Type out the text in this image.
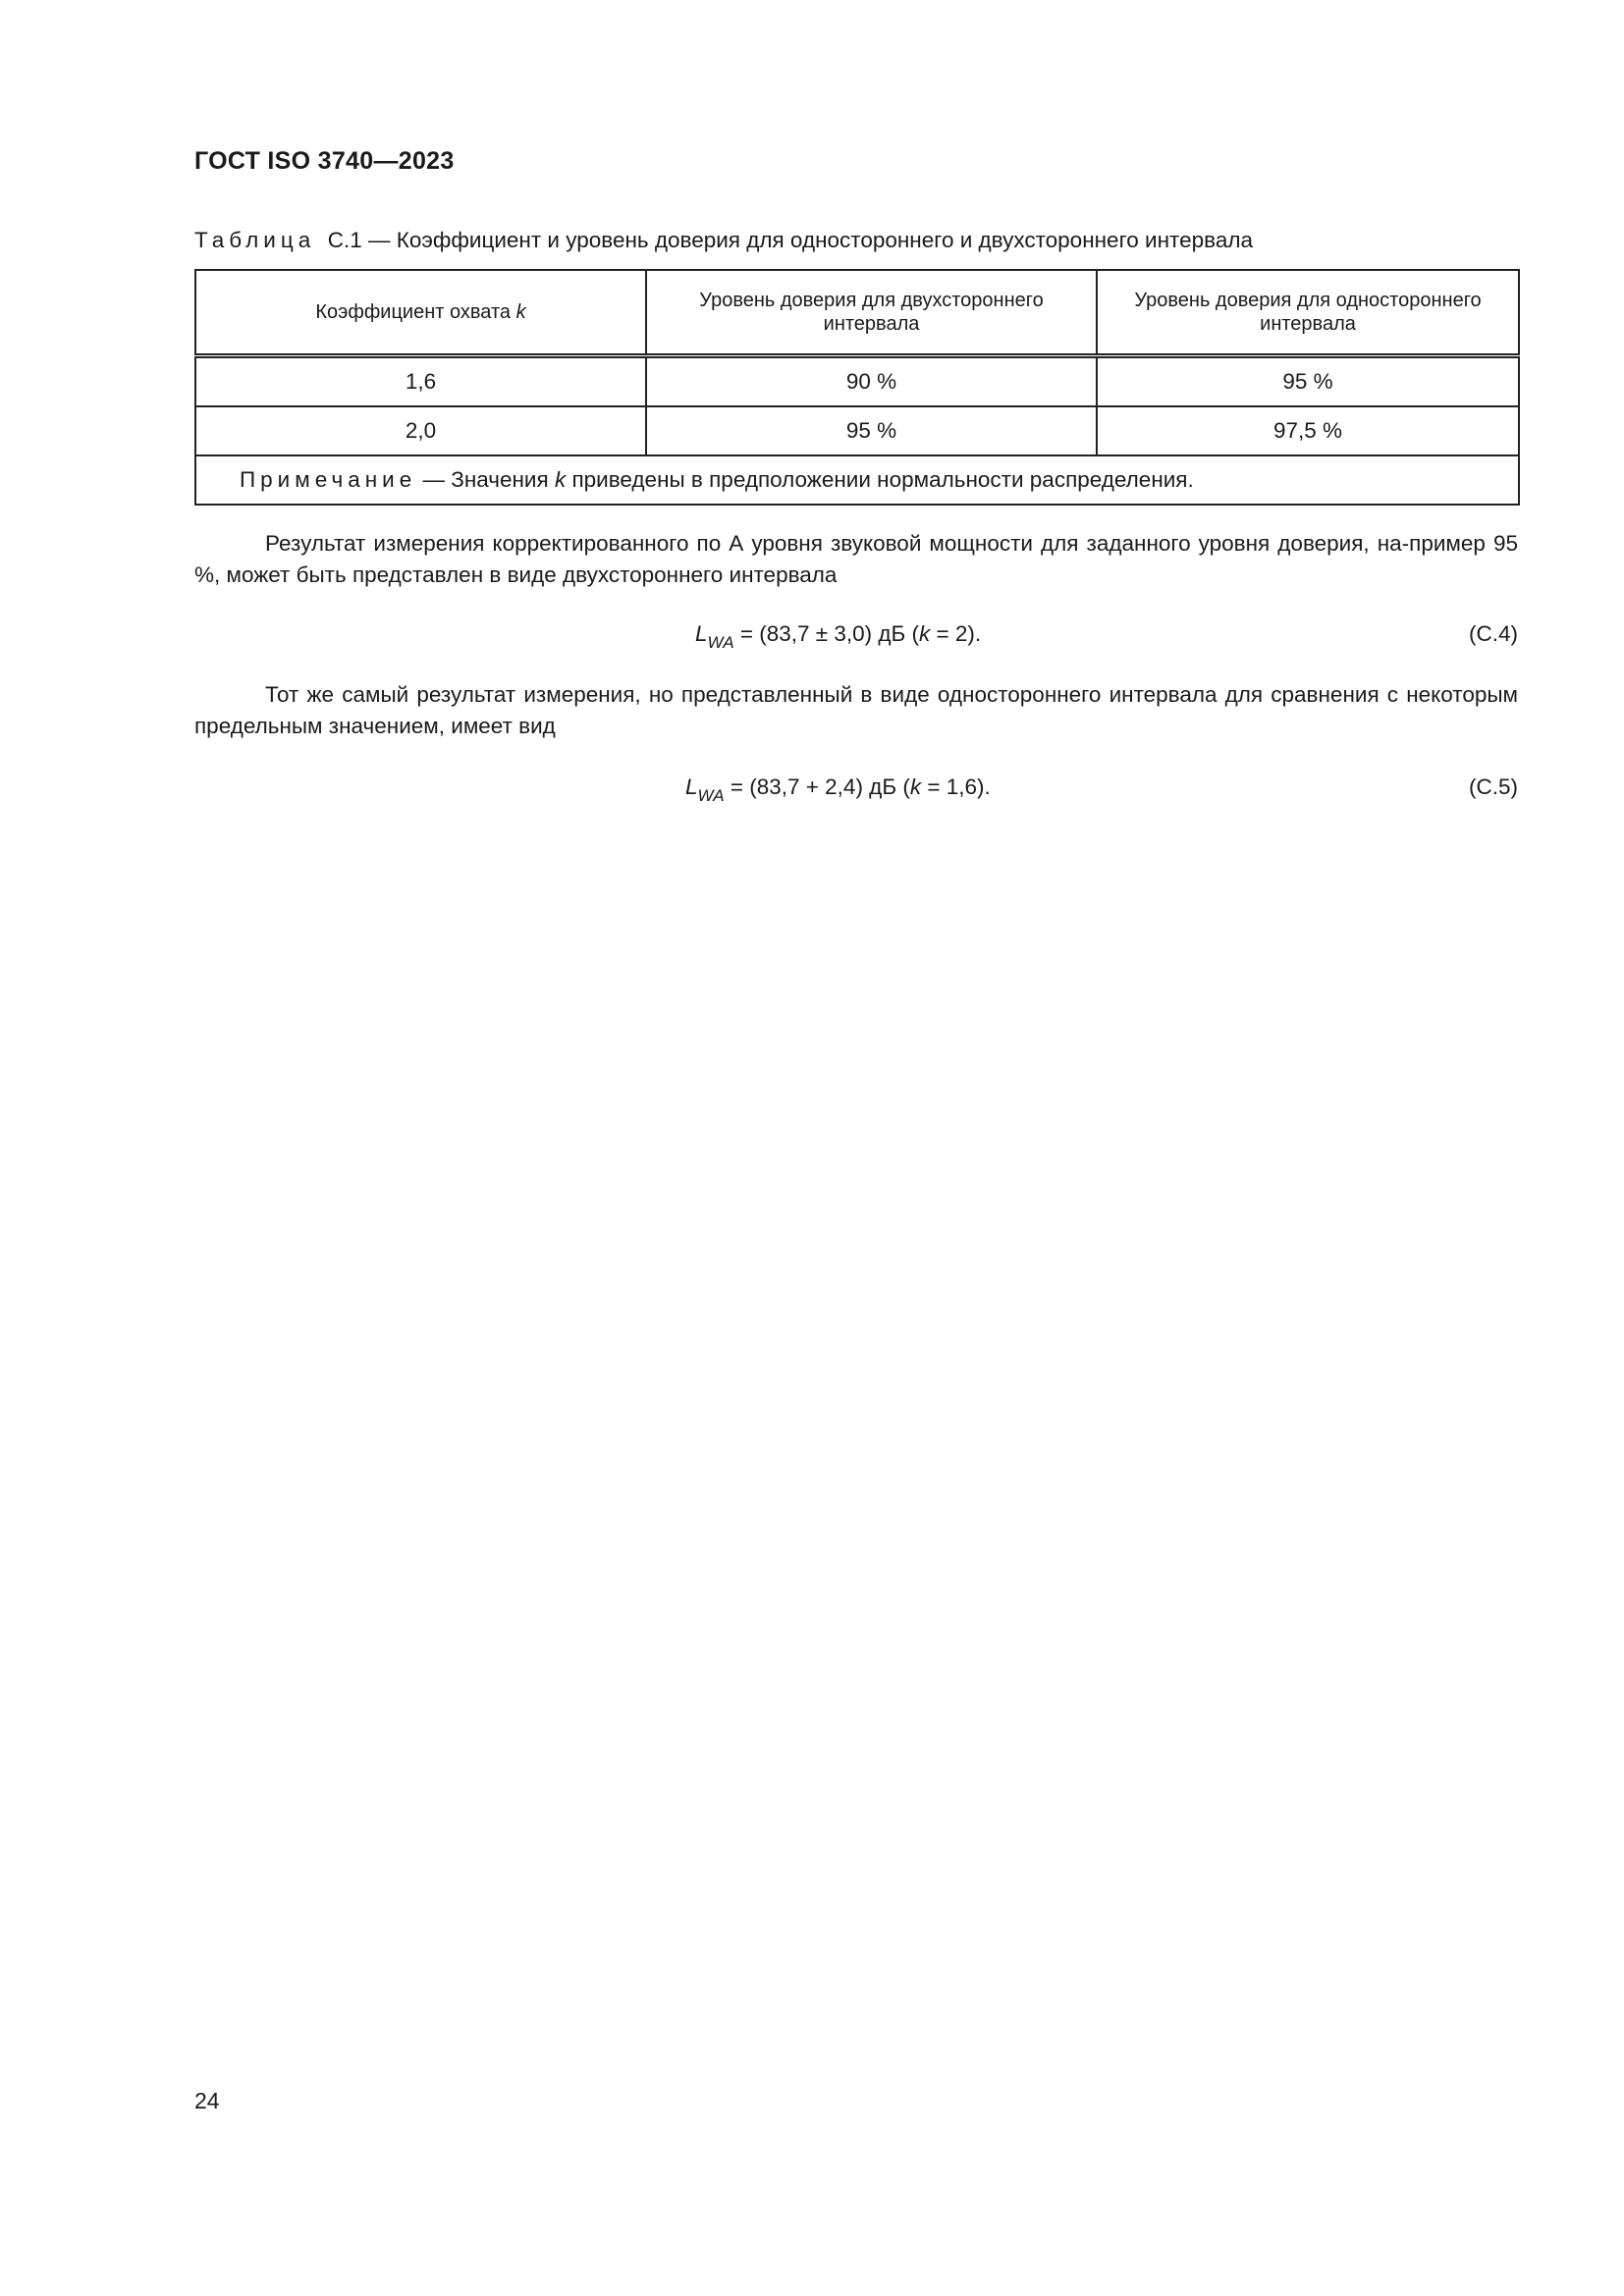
ГОСТ ISO 3740—2023
Таблица С.1 — Коэффициент и уровень доверия для одностороннего и двухстороннего интервала
Коэффициент охвата k	Уровень доверия для двухстороннего интервала	Уровень доверия для одностороннего интервала
1,6	90 %	95 %
2,0	95 %	97,5 %
Примечание — Значения k приведены в предположении нормальности распределения.		
Результат измерения корректированного по А уровня звуковой мощности для заданного уровня доверия, на-пример 95 %, может быть представлен в виде двухстороннего интервала
$L_{WA} = (83,7 \pm 3,0)$ дБ (k = 2).	(С.4)
Тот же самый результат измерения, но представленный в виде одностороннего интервала для сравнения с некоторым предельным значением, имеет вид
$L_{WA} = (83,7 + 2,4)$ дБ (k = 1,6).	(С.5)
24
